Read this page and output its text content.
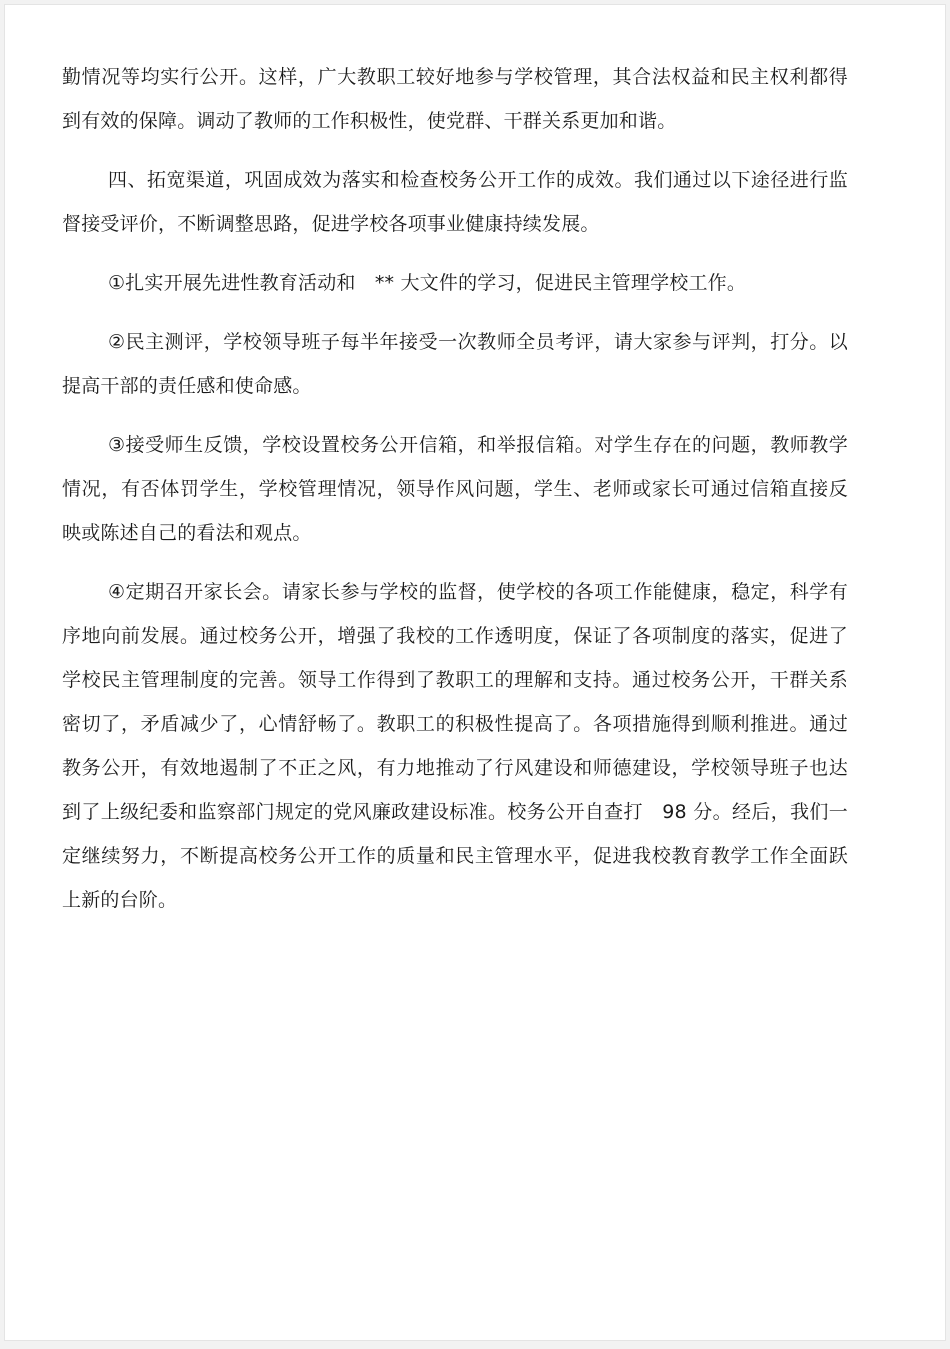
勤情况等均实行公开。这样，广大教职工较好地参与学校管理，其合法权益和民主权利都得到有效的保障。调动了教师的工作积极性，使党群、干群关系更加和谐。

四、拓宽渠道，巩固成效为落实和检查校务公开工作的成效。我们通过以下途径进行监督接受评价，不断调整思路，促进学校各项事业健康持续发展。

①扎实开展先进性教育活动和　** 大文件的学习，促进民主管理学校工作。

②民主测评，学校领导班子每半年接受一次教师全员考评，请大家参与评判，打分。以提高干部的责任感和使命感。

③接受师生反馈，学校设置校务公开信箱，和举报信箱。对学生存在的问题，教师教学情况，有否体罚学生，学校管理情况，领导作风问题，学生、老师或家长可通过信箱直接反映或陈述自己的看法和观点。

④定期召开家长会。请家长参与学校的监督，使学校的各项工作能健康，稳定，科学有序地向前发展。通过校务公开，增强了我校的工作透明度，保证了各项制度的落实，促进了学校民主管理制度的完善。领导工作得到了教职工的理解和支持。通过校务公开，干群关系密切了，矛盾减少了，心情舒畅了。教职工的积极性提高了。各项措施得到顺利推进。通过教务公开，有效地遏制了不正之风，有力地推动了行风建设和师德建设，学校领导班子也达到了上级纪委和监察部门规定的党风廉政建设标准。校务公开自查打　98 分。经后，我们一定继续努力，不断提高校务公开工作的质量和民主管理水平，促进我校教育教学工作全面跃上新的台阶。
